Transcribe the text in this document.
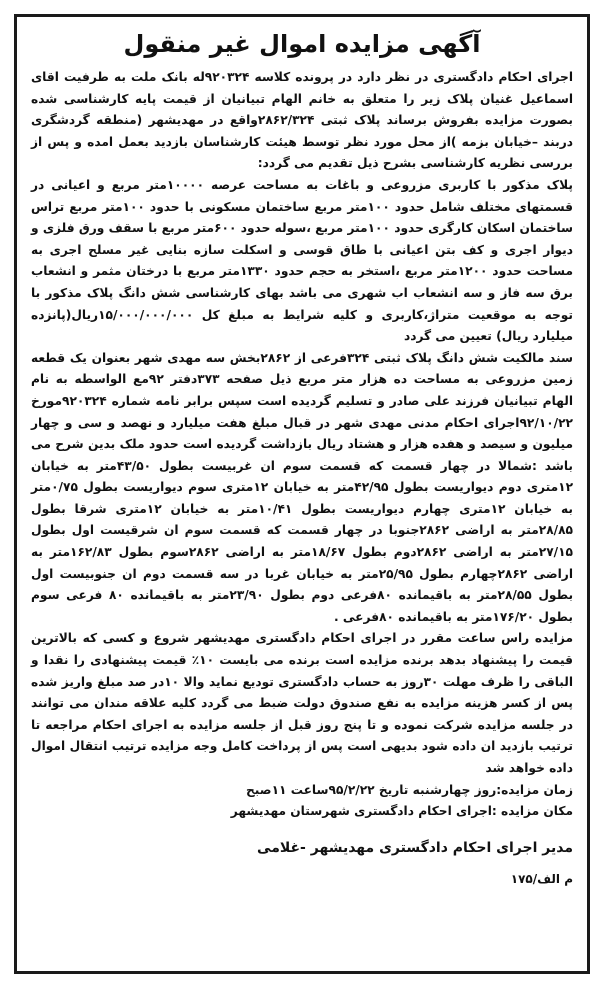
آگهی مزایده اموال غیر منقول

اجرای احکام دادگستری در نظر دارد در پرونده کلاسه ۹۲۰۳۲۴له بانک ملت به طرفیت اقای اسماعیل غنیان پلاک زیر را متعلق به خانم الهام تبیانیان از قیمت پایه کارشناسی شده بصورت مزایده بفروش برساند پلاک ثبتی ۲۸۶۲/۳۲۴واقع در مهدیشهر (منطقه گردشگری دربند –خیابان بزمه )از محل مورد نظر توسط هیئت کارشناسان بازدید بعمل امده و پس از بررسی نظریه کارشناسی بشرح ذیل تقدیم می گردد:

پلاک مذکور با کاربری مزروعی و باغات به مساحت عرصه ۱۰۰۰۰متر مربع و اعیانی در قسمتهای مختلف شامل حدود ۱۰۰متر مربع ساختمان مسکونی با حدود ۱۰۰متر مربع تراس ساختمان اسکان کارگری حدود ۱۰۰متر مربع ،سوله حدود ۶۰۰متر مربع با سقف ورق فلزی و دیوار اجری و کف بتن اعیانی با طاق قوسی و اسکلت سازه بنایی غیر مسلح اجری به مساحت حدود ۱۲۰۰متر مربع ،استخر به حجم حدود ۱۳۳۰متر مربع با درختان مثمر و انشعاب برق سه فاز و سه انشعاب اب شهری می باشد بهای کارشناسی شش دانگ پلاک مذکور با توجه به موقعیت متراژ،کاربری و کلیه شرایط به مبلغ کل ۱۵/۰۰۰/۰۰۰/۰۰۰ریال(پانزده میلیارد ریال) تعیین می گردد

سند مالکیت شش دانگ پلاک ثبتی ۳۲۴فرعی از ۲۸۶۲بخش سه مهدی شهر بعنوان یک قطعه زمین مزروعی به مساحت ده هزار متر مربع ذیل صفحه ۳۷۳دفتر ۹۲مع الواسطه به نام الهام تبیانیان فرزند علی صادر و تسلیم گردیده است سپس برابر نامه شماره ۹۲۰۳۲۴مورخ ۹۲/۱۰/۲۲اجرای احکام مدنی مهدی شهر در قبال مبلغ هفت میلیارد و نهصد و سی و چهار میلیون و سیصد و هفده هزار و هشتاد ریال بازداشت گردیده است حدود ملک بدین شرح می باشد :شمالا در چهار قسمت که قسمت سوم ان غربیست بطول ۴۳/۵۰متر به خیابان ۱۲متری دوم دیواریست بطول ۴۲/۹۵متر به خیابان ۱۲متری سوم دیواریست بطول ۰/۷۵متر به خیابان ۱۲متری چهارم دیواریست بطول ۱۰/۴۱متر به خیابان ۱۲متری شرقا بطول ۲۸/۸۵متر به اراضی ۲۸۶۲جنوبا در چهار قسمت که قسمت سوم ان شرقیست اول بطول ۲۷/۱۵متر به اراضی ۲۸۶۲دوم بطول ۱۸/۶۷متر به اراضی ۲۸۶۲سوم بطول ۱۶۲/۸۳متر به اراضی ۲۸۶۲چهارم بطول ۲۵/۹۵متر به خیابان غربا در سه قسمت دوم ان جنوبیست اول بطول ۲۸/۵۵متر به باقیمانده ۸۰فرعی دوم بطول ۲۳/۹۰متر به باقیمانده ۸۰ فرعی سوم بطول ۱۷۶/۲۰متر به باقیمانده ۸۰فرعی .

مزایده راس ساعت مقرر در اجرای احکام دادگستری مهدیشهر شروع و کسی که بالاترین قیمت را پیشنهاد بدهد برنده مزایده است برنده می بایست ۱۰٪ قیمت پیشنهادی را نقدا و الباقی را ظرف مهلت ۳۰روز به حساب دادگستری تودیع نماید والا ۱۰در صد مبلغ واریز شده پس از کسر هزینه مزایده به نفع صندوق دولت ضبط می گردد کلیه علاقه مندان می توانند در جلسه مزایده شرکت نموده و تا پنج روز قبل از جلسه مزایده به اجرای احکام مراجعه تا ترتیب بازدید ان داده شود بدیهی است پس از پرداخت کامل وجه مزایده ترتیب انتقال اموال داده خواهد شد

زمان مزایده:روز چهارشنبه تاریخ ۹۵/۲/۲۲ساعت ۱۱صبح

مکان مزایده :اجرای احکام دادگستری شهرستان مهدیشهر

مدیر اجرای احکام دادگستری مهدیشهر -غلامی
م الف/۱۷۵
